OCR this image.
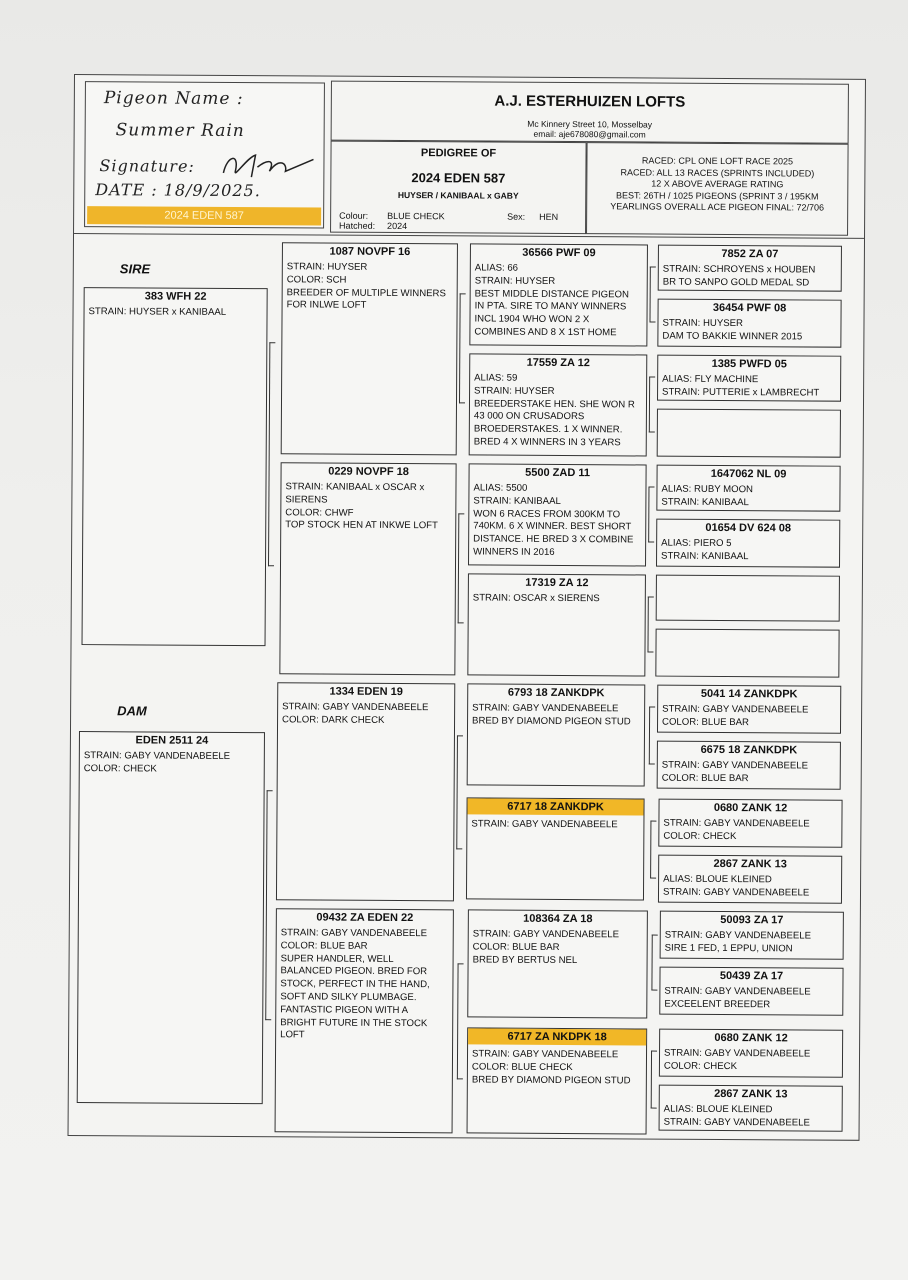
Pigeon Name :
Summer Rain
Signature:
DATE : 18/9/2025.
2024 EDEN 587
A.J. ESTERHUIZEN LOFTS
Mc Kinnery Street 10, Mosselbay
email: aje678080@gmail.com
PEDIGREE OF
2024 EDEN 587
HUYSER / KANIBAAL x GABY
Colour: BLUE CHECK	Sex: HEN
Hatched: 2024
RACED: CPL ONE LOFT RACE 2025
RACED: ALL 13 RACES (SPRINTS INCLUDED)
12 X ABOVE AVERAGE RATING
BEST: 26TH / 1025 PIGEONS (SPRINT 3 / 195KM
YEARLINGS OVERALL ACE PIGEON FINAL: 72/706
SIRE
DAM
383 WFH 22
STRAIN: HUYSER x KANIBAAL
EDEN 2511 24
STRAIN: GABY VANDENABEELE
COLOR: CHECK
1087 NOVPF 16
STRAIN: HUYSER
COLOR: SCH
BREEDER OF MULTIPLE WINNERS
FOR INLWE LOFT
0229 NOVPF 18
STRAIN: KANIBAAL x OSCAR x
SIERENS
COLOR: CHWF
TOP STOCK HEN AT INKWE LOFT
1334 EDEN 19
STRAIN: GABY VANDENABEELE
COLOR: DARK CHECK
09432 ZA EDEN 22
STRAIN: GABY VANDENABEELE
COLOR: BLUE BAR
SUPER HANDLER, WELL
BALANCED PIGEON. BRED FOR
STOCK, PERFECT IN THE HAND,
SOFT AND SILKY PLUMBAGE.
FANTASTIC PIGEON WITH A
BRIGHT FUTURE IN THE STOCK
LOFT
36566 PWF 09
ALIAS: 66
STRAIN: HUYSER
BEST MIDDLE DISTANCE PIGEON
IN PTA. SIRE TO MANY WINNERS
INCL 1904 WHO WON 2 X
COMBINES AND 8 X 1ST HOME
17559 ZA 12
ALIAS: 59
STRAIN: HUYSER
BREEDERSTAKE HEN. SHE WON R
43 000 ON CRUSADORS
BROEDERSTAKES. 1 X WINNER.
BRED 4 X WINNERS IN 3 YEARS
5500 ZAD 11
ALIAS: 5500
STRAIN: KANIBAAL
WON 6 RACES FROM 300KM TO
740KM. 6 X WINNER. BEST SHORT
DISTANCE. HE BRED 3 X COMBINE
WINNERS IN 2016
17319 ZA 12
STRAIN: OSCAR x SIERENS
6793 18 ZANKDPK
STRAIN: GABY VANDENABEELE
BRED BY DIAMOND PIGEON STUD
6717 18 ZANKDPK
STRAIN: GABY VANDENABEELE
108364 ZA 18
STRAIN: GABY VANDENABEELE
COLOR: BLUE BAR
BRED BY BERTUS NEL
6717 ZA NKDPK 18
STRAIN: GABY VANDENABEELE
COLOR: BLUE CHECK
BRED BY DIAMOND PIGEON STUD
7852 ZA 07
STRAIN: SCHROYENS x HOUBEN
BR TO SANPO GOLD MEDAL SD
36454 PWF 08
STRAIN: HUYSER
DAM TO BAKKIE WINNER 2015
1385 PWFD 05
ALIAS: FLY MACHINE
STRAIN: PUTTERIE x LAMBRECHT
1647062 NL 09
ALIAS: RUBY MOON
STRAIN: KANIBAAL
01654 DV 624 08
ALIAS: PIERO 5
STRAIN: KANIBAAL
5041 14 ZANKDPK
STRAIN: GABY VANDENABEELE
COLOR: BLUE BAR
6675 18 ZANKDPK
STRAIN: GABY VANDENABEELE
COLOR: BLUE BAR
0680 ZANK 12
STRAIN: GABY VANDENABEELE
COLOR: CHECK
2867 ZANK 13
ALIAS: BLOUE KLEINED
STRAIN: GABY VANDENABEELE
50093 ZA 17
STRAIN: GABY VANDENABEELE
SIRE 1 FED, 1 EPPU, UNION
50439 ZA 17
STRAIN: GABY VANDENABEELE
EXCEELENT BREEDER
0680 ZANK 12
STRAIN: GABY VANDENABEELE
COLOR: CHECK
2867 ZANK 13
ALIAS: BLOUE KLEINED
STRAIN: GABY VANDENABEELE
